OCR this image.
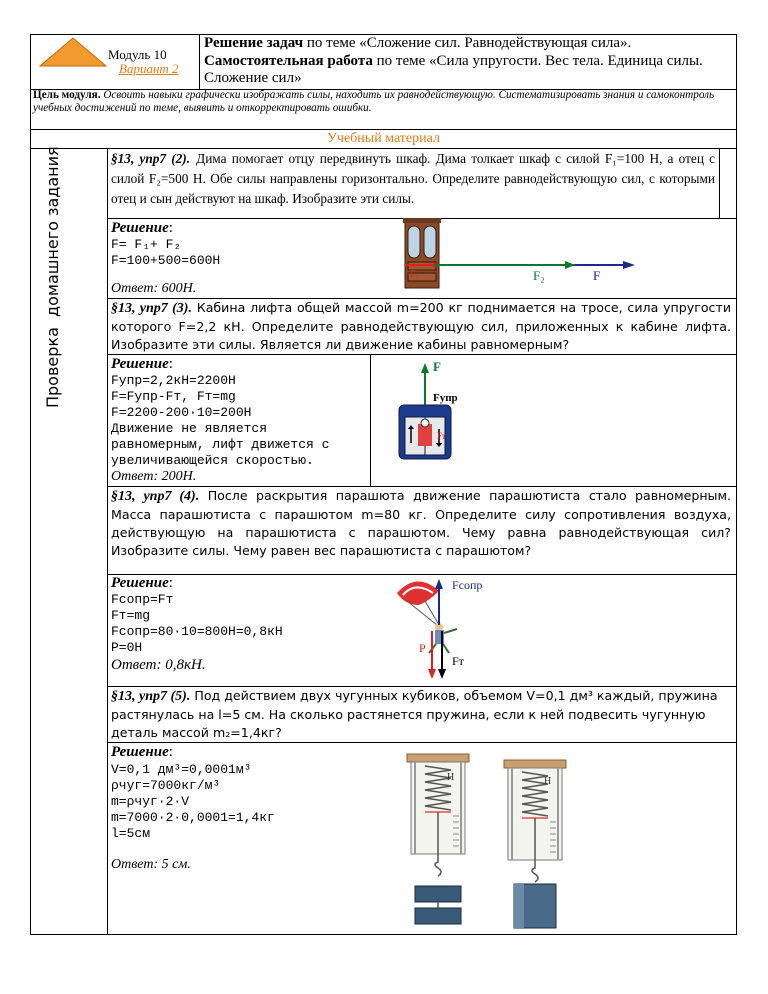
Модуль 10
Вариант 2
Решение задач по теме «Сложение сил. Равнодействующая сила». Самостоятельная работа по теме «Сила упругости. Вес тела. Единица силы. Сложение сил»
Цель модуля. Освоить навыки графически изображать силы, находить их равнодействующую. Систематизировать знания и самоконтроль учебных достижений по теме, выявить и откорректировать ошибки.
Учебный материал
Проверка  домашнего задания	§13, упр7 (2). Дима помогает отцу передвинуть шкаф. Дима толкает шкаф с силой F₁=100 Н, а отец с силой F₂=500 Н. Обе силы направлены горизонтально. Определите равнодействующую сил, с которыми отец и сын действуют на шкаф. Изобразите эти силы.
Решение:
F= F₁+ F₂
F=100+500=600Н
Ответ: 600Н.
F₁	F₂	F
§13, упр7 (3). Кабина лифта общей массой m=200 кг поднимается на тросе, сила упругости которого F=2,2 кН. Определите равнодействующую сил, приложенных к кабине лифта. Изобразите эти силы. Является ли движение кабины равномерным?
Решение:
Fупр=2,2кН=2200Н
F=Fупр-Fт, Fт=mg
F=2200-200·10=200Н
Движение не является
равномерным, лифт движется с
увеличивающейся скоростью.
Ответ: 200Н.
F
Fупр
Fт
§13, упр7 (4). После раскрытия парашюта движение парашютиста стало равномерным. Масса парашютиста с парашютом m=80 кг. Определите силу сопротивления воздуха, действующую на парашютиста с парашютом. Чему равна равнодействующая сил? Изобразите силы. Чему равен вес парашютиста с парашютом?
Решение:
Fсопр=Fт
Fт=mg
Fсопр=80·10=800Н=0,8кН
Р=0Н
Ответ: 0,8кН.
Fсопр
P
Fт
§13, упр7 (5). Под действием двух чугунных кубиков, объемом V=0,1 дм³ каждый, пружина растянулась на l=5 см. На сколько растянется пружина, если к ней подвесить чугунную деталь массой m₂=1,4кг?
Решение:
V=0,1 дм³=0,0001м³
ρчуг=7000кг/м³
m=ρчуг·2·V
m=7000·2·0,0001=1,4кг
l=5см
Ответ: 5 см.
Н	Н
